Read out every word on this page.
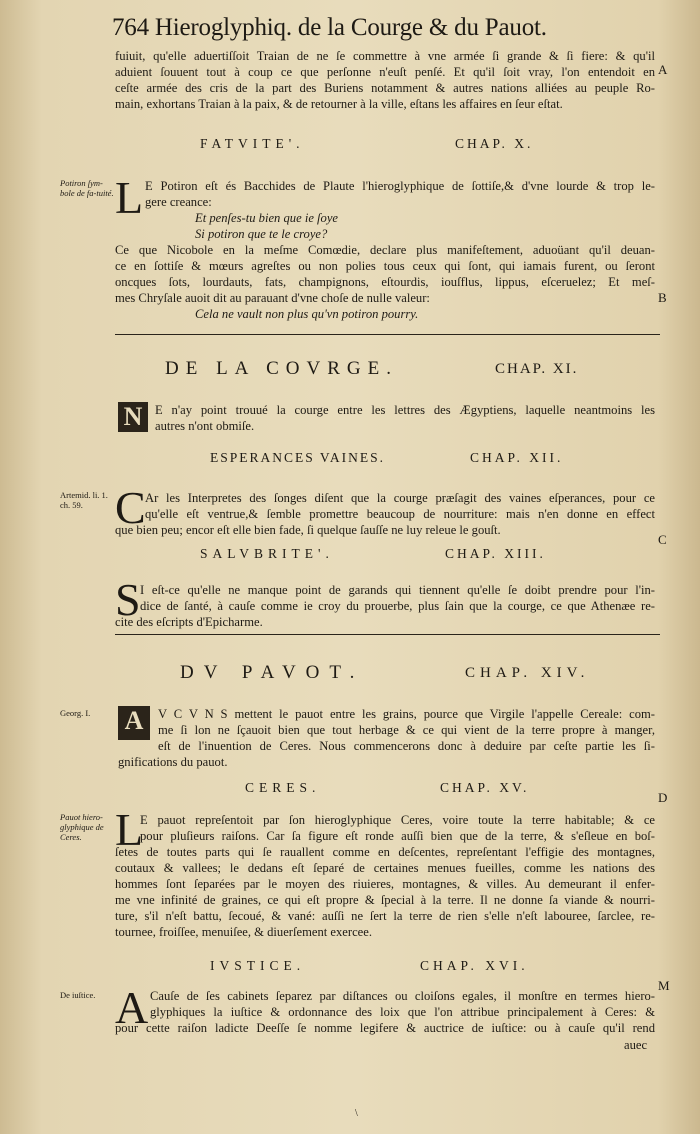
764 Hieroglyphiq. de la Courge & du Pauot.
fuiuit, qu'elle aduertiſſoit Traian de ne ſe commettre à vne armée ſi grande & ſi fiere: & qu'il
aduient ſouuent tout à coup ce que perſonne n'euſt penſé. Et qu'il ſoit vray, l'on entendoit en
ceſte armée des cris de la part des Buriens notamment & autres nations alliées au peuple Ro-
main, exhortans Traian à la paix, & de retourner à la ville, eſtans les affaires en ſeur eſtat.
A
FATVITE'.	CHAP. X.
Potiron ſym-bole de fa-tuité. L E Potiron eſt és Bacchides de Plaute l'hieroglyphique de ſottiſe,& d'vne lourde & trop le-
gere creance:
Et penſes-tu bien que ie ſoye
Si potiron que te le croye?
Ce que Nicobole en la meſme Comœdie, declare plus manifeſtement, aduoüant qu'il deuan-
ce en ſottiſe & mœurs agreſtes ou non polies tous ceux qui ſont, qui iamais furent, ou ſeront
oncques ſots, lourdauts, fats, champignons, eſtourdis, iouſflus, lippus, eſceruelez; Et meſ-
mes Chryſale auoit dit au parauant d'vne choſe de nulle valeur:
Cela ne vault non plus qu'vn potiron pourry.
B
DE LA COVRGE.	CHAP. XI.
N	E n'ay point trouué la courge entre les lettres des Ægyptiens, laquelle neantmoins les
autres n'ont obmiſe.
ESPERANCES VAINES.	CHAP. XII.
Artemid. li. 1. ch. 59. C Ar les Interpretes des ſonges diſent que la courge præſagit des vaines eſperances, pour ce
qu'elle eſt ventrue,& ſemble promettre beaucoup de nourriture: mais n'en donne en effect
que bien peu; encor eſt elle bien fade, ſi quelque ſauſſe ne luy releue le gouſt.
SALVBRITE'.	CHAP. XIII.
C
S I eſt-ce qu'elle ne manque point de garands qui tiennent qu'elle ſe doibt prendre pour l'in-
dice de ſanté, à cauſe comme ie croy du prouerbe, plus ſain que la courge, ce que Athenæe re-
cite des eſcripts d'Epicharme.
DV PAVOT.	CHAP. XIV.
Georg. I.	A	V C V N S mettent le pauot entre les grains, pource que Virgile l'appelle Cereale: com-
me ſi lon ne ſçauoit bien que tout herbage & ce qui vient de la terre propre à manger,
eſt de l'inuention de Ceres. Nous commencerons donc à deduire par ceſte partie les ſi-
gnifications du pauot.
CERES.	CHAP. XV.
D
Pauot hiero-glyphique de Ceres. L
E pauot repreſentoit par ſon hieroglyphique Ceres, voire toute la terre habitable; & ce
pour pluſieurs raiſons. Car ſa figure eſt ronde auſſi bien que de la terre, & s'eſleue en boſ-
ſetes de toutes parts qui ſe rauallent comme en deſcentes, repreſentant l'effigie des montagnes,
coutaux & vallees; le dedans eſt ſeparé de certaines menues fueilles, comme les nations des
hommes ſont ſeparées par le moyen des riuieres, montagnes, & villes. Au demeurant il enfer-
me vne infinité de graines, ce qui eſt propre & ſpecial à la terre. Il ne donne ſa viande & nourri-
ture, s'il n'eſt battu, ſecoué, & vané: auſſi ne ſert la terre de rien s'elle n'eſt labouree, ſarclee, re-
tournee, froiſſee, menuiſee, & diuerſement exercee.
IVSTICE.	CHAP. XVI.
M
De iuſtice. A Cauſe de ſes cabinets ſeparez par diſtances ou cloiſons egales, il monſtre en termes hiero-
glyphiques la iuſtice & ordonnance des loix que l'on attribue principalement à Ceres: &
pour cette raiſon ladicte Deeſſe ſe nomme legifere & auctrice de iuſtice: ou à cauſe qu'il rend
auec
\
